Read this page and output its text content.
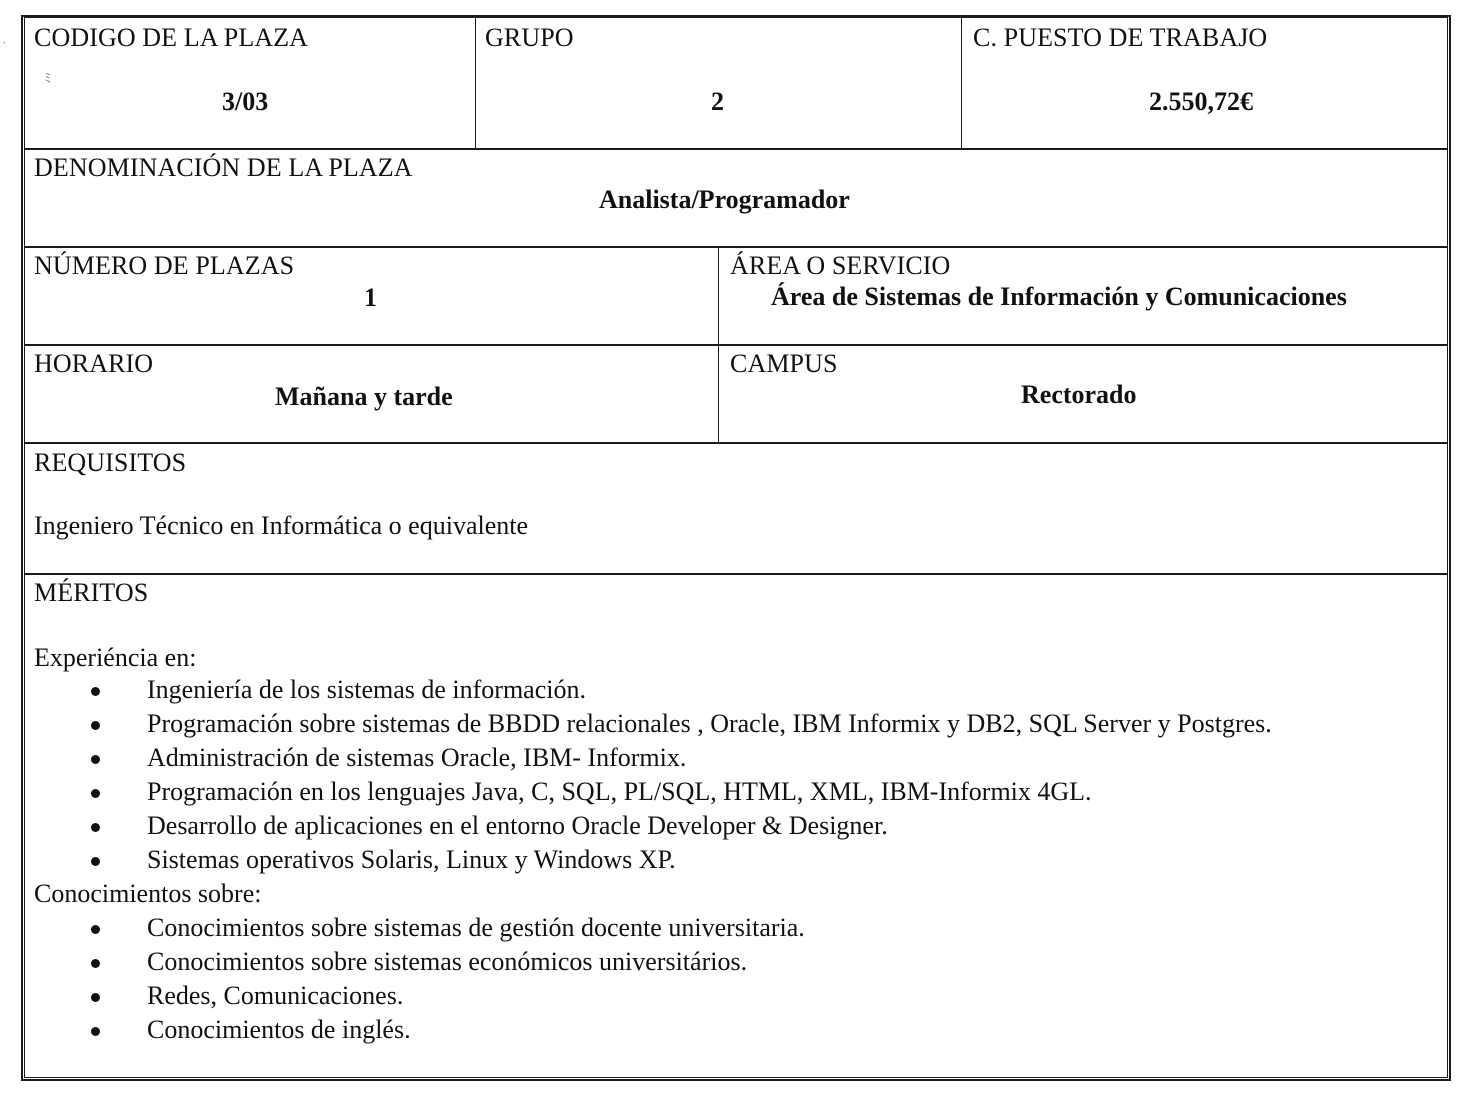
˙
ﾐ
CODIGO DE LA PLAZA
3/03
GRUPO
2
C. PUESTO DE TRABAJO
2.550,72€
DENOMINACIÓN DE LA PLAZA
Analista/Programador
NÚMERO DE PLAZAS
1
ÁREA O SERVICIO
Área de Sistemas de Información y Comunicaciones
HORARIO
Mañana y tarde
CAMPUS
Rectorado
REQUISITOS
Ingeniero Técnico en Informática o equivalente
MÉRITOS
Experiéncia en:
Ingeniería de los sistemas de información.
Programación sobre sistemas de BBDD relacionales , Oracle, IBM Informix y DB2, SQL Server y Postgres.
Administración de sistemas Oracle, IBM- Informix.
Programación en los lenguajes Java, C, SQL, PL/SQL, HTML, XML, IBM-Informix 4GL.
Desarrollo de aplicaciones en el entorno Oracle Developer & Designer.
Sistemas operativos Solaris, Linux y Windows XP.
Conocimientos sobre:
Conocimientos sobre sistemas de gestión docente universitaria.
Conocimientos sobre sistemas económicos universitários.
Redes, Comunicaciones.
Conocimientos de inglés.
